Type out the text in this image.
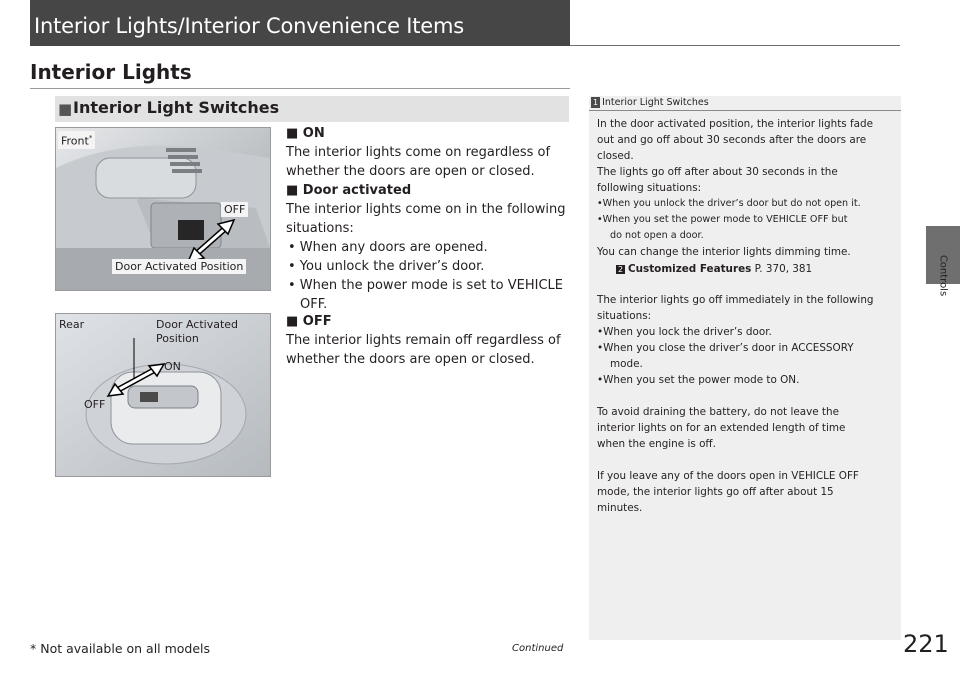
Interior Lights/Interior Convenience Items
Interior Lights
■ Interior Light Switches
Front*
OFF
Door Activated Position
Rear	Door Activated
Position
ON
OFF
■ ON
The interior lights come on regardless of
whether the doors are open or closed.
■ Door activated
The interior lights come on in the following
situations:
• When any doors are opened.
• You unlock the driver’s door.
• When the power mode is set to VEHICLE
OFF.
■ OFF
The interior lights remain off regardless of
whether the doors are open or closed.
1 Interior Light Switches
In the door activated position, the interior lights fade
out and go off about 30 seconds after the doors are
closed.
The lights go off after about 30 seconds in the
following situations:
•When you unlock the driver’s door but do not open it.
•When you set the power mode to VEHICLE OFF but
do not open a door.
You can change the interior lights dimming time.
2 Customized Features P. 370, 381
The interior lights go off immediately in the following
situations:
•When you lock the driver’s door.
•When you close the driver’s door in ACCESSORY
mode.
•When you set the power mode to ON.
To avoid draining the battery, do not leave the
interior lights on for an extended length of time
when the engine is off.
If you leave any of the doors open in VEHICLE OFF
mode, the interior lights go off after about 15
minutes.
Controls
* Not available on all models	Continued	221
